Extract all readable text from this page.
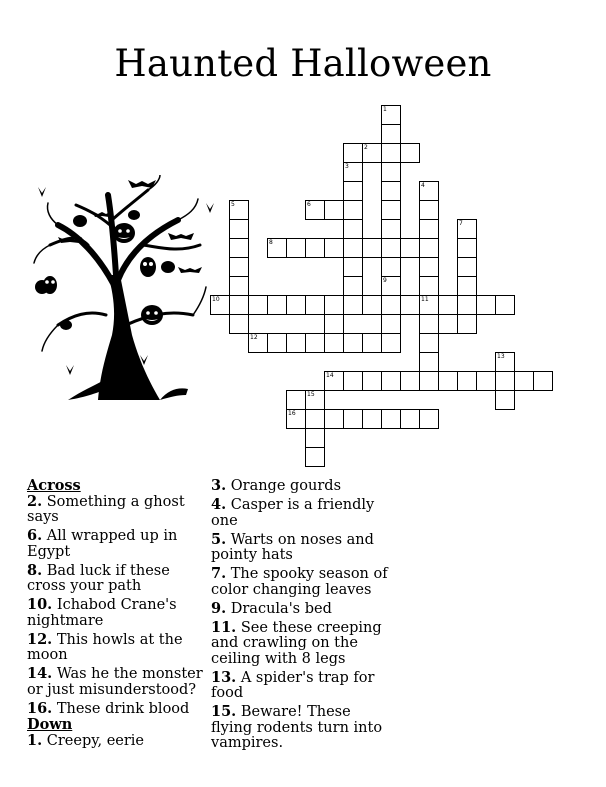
Haunted Halloween
1
9
2
3
4
11
5	6
7
8
10
12
13
14
15
16
Across
2. Something a ghost says
6. All wrapped up in Egypt
8. Bad luck if these cross your path
10. Ichabod Crane's nightmare
12. This howls at the moon
14. Was he the monster or just misunderstood?
16. These drink blood
Down
1. Creepy, eerie
3. Orange gourds
4. Casper is a friendly one
5. Warts on noses and pointy hats
7. The spooky season of color changing leaves
9. Dracula's bed
11. See these creeping and crawling on the ceiling with 8 legs
13. A spider's trap for food
15. Beware! These flying rodents turn into vampires.
